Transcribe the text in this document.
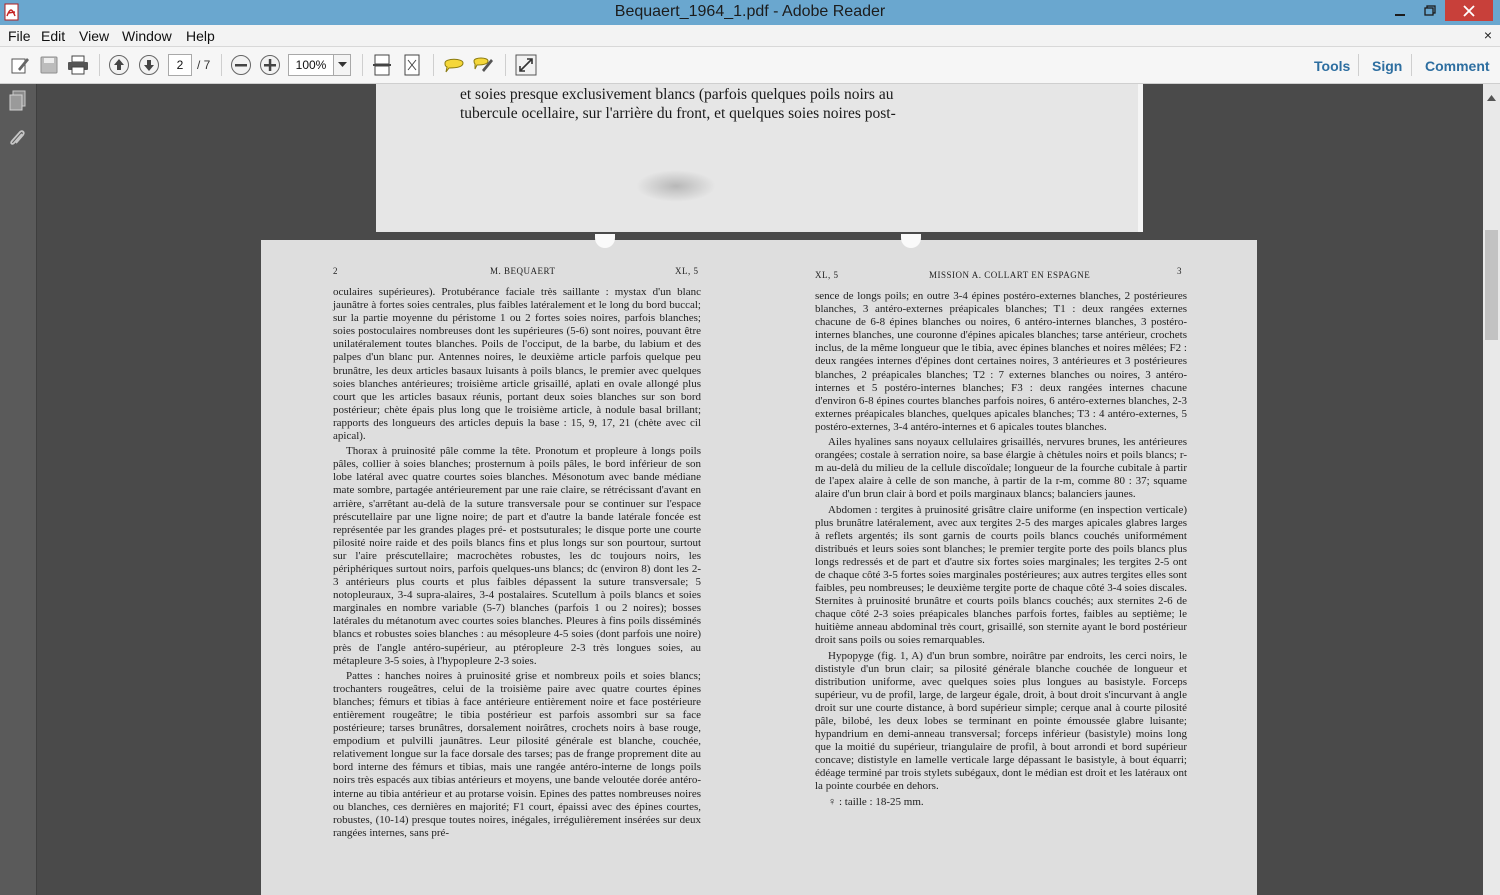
Bequaert_1964_1.pdf - Adobe Reader
File Edit View Window Help	×
2	/ 7	100%	Tools Sign Comment
et soies presque exclusivement blancs (parfois quelques poils noirs au
tubercule ocellaire, sur l'arrière du front, et quelques soies noires post-
2	M. BEQUAERT	XL, 5	XL, 5	MISSION A. COLLART EN ESPAGNE	3

oculaires supérieures). Protubérance faciale très saillante : mystax d'un blanc jaunâtre à fortes soies centrales, plus faibles latéralement et le long du bord buccal; sur la partie moyenne du péristome 1 ou 2 fortes soies noires, parfois blanches; soies postoculaires nombreuses dont les supérieures (5-6) sont noires, pouvant être unilatéralement toutes blanches. Poils de l'occiput, de la barbe, du labium et des palpes d'un blanc pur. Antennes noires, le deuxième article parfois quelque peu brunâtre, les deux articles basaux luisants à poils blancs, le premier avec quelques soies blanches antérieures; troisième article grisaillé, aplati en ovale allongé plus court que les articles basaux réunis, portant deux soies blanches sur son bord postérieur; chète épais plus long que le troisième article, à nodule basal brillant; rapports des longueurs des articles depuis la base : 15, 9, 17, 21 (chète avec cil apical).

Thorax à pruinosité pâle comme la tête. Pronotum et propleure à longs poils pâles, collier à soies blanches; prosternum à poils pâles, le bord inférieur de son lobe latéral avec quatre courtes soies blanches. Mésonotum avec bande médiane mate sombre, partagée antérieurement par une raie claire, se rétrécissant d'avant en arrière, s'arrêtant au-delà de la suture transversale pour se continuer sur l'espace préscutellaire par une ligne noire; de part et d'autre la bande latérale foncée est représentée par les grandes plages pré- et postsuturales; le disque porte une courte pilosité noire raide et des poils blancs fins et plus longs sur son pourtour, surtout sur l'aire préscutellaire; macrochètes robustes, les dc toujours noirs, les périphériques surtout noirs, parfois quelques-uns blancs; dc (environ 8) dont les 2-3 antérieurs plus courts et plus faibles dépassent la suture transversale; 5 notopleuraux, 3-4 supra-alaires, 3-4 postalaires. Scutellum à poils blancs et soies marginales en nombre variable (5-7) blanches (parfois 1 ou 2 noires); bosses latérales du métanotum avec courtes soies blanches. Pleures à fins poils disséminés blancs et robustes soies blanches : au mésopleure 4-5 soies (dont parfois une noire) près de l'angle antéro-supérieur, au ptéropleure 2-3 très longues soies, au métapleure 3-5 soies, à l'hypopleure 2-3 soies.

Pattes : hanches noires à pruinosité grise et nombreux poils et soies blancs; trochanters rougeâtres, celui de la troisième paire avec quatre courtes épines blanches; fémurs et tibias à face antérieure entièrement noire et face postérieure entièrement rougeâtre; le tibia postérieur est parfois assombri sur sa face postérieure; tarses brunâtres, dorsalement noirâtres, crochets noirs à base rouge, empodium et pulvilli jaunâtres. Leur pilosité générale est blanche, couchée, relativement longue sur la face dorsale des tarses; pas de frange proprement dite au bord interne des fémurs et tibias, mais une rangée antéro-interne de longs poils noirs très espacés aux tibias antérieurs et moyens, une bande veloutée dorée antéro-interne au tibia antérieur et au protarse voisin. Epines des pattes nombreuses noires ou blanches, ces dernières en majorité; F1 court, épaissi avec des épines courtes, robustes, (10-14) presque toutes noires, inégales, irrégulièrement insérées sur deux rangées internes, sans pré-

sence de longs poils; en outre 3-4 épines postéro-externes blanches, 2 postérieures blanches, 3 antéro-externes préapicales blanches; T1 : deux rangées externes chacune de 6-8 épines blanches ou noires, 6 antéro-internes blanches, 3 postéro-internes blanches, une couronne d'épines apicales blanches; tarse antérieur, crochets inclus, de la même longueur que le tibia, avec épines blanches et noires mêlées; F2 : deux rangées internes d'épines dont certaines noires, 3 antérieures et 3 postérieures blanches, 2 préapicales blanches; T2 : 7 externes blanches ou noires, 3 antéro-internes et 5 postéro-internes blanches; F3 : deux rangées internes chacune d'environ 6-8 épines courtes blanches parfois noires, 6 antéro-externes blanches, 2-3 externes préapicales blanches, quelques apicales blanches; T3 : 4 antéro-externes, 5 postéro-externes, 3-4 antéro-internes et 6 apicales toutes blanches.

Ailes hyalines sans noyaux cellulaires grisaillés, nervures brunes, les antérieures orangées; costale à serration noire, sa base élargie à chètules noirs et poils blancs; r-m au-delà du milieu de la cellule discoïdale; longueur de la fourche cubitale à partir de l'apex alaire à celle de son manche, à partir de la r-m, comme 80 : 37; squame alaire d'un brun clair à bord et poils marginaux blancs; balanciers jaunes.

Abdomen : tergites à pruinosité grisâtre claire uniforme (en inspection verticale) plus brunâtre latéralement, avec aux tergites 2-5 des marges apicales glabres larges à reflets argentés; ils sont garnis de courts poils blancs couchés uniformément distribués et leurs soies sont blanches; le premier tergite porte des poils blancs plus longs redressés et de part et d'autre six fortes soies marginales; les tergites 2-5 ont de chaque côté 3-5 fortes soies marginales postérieures; aux autres tergites elles sont faibles, peu nombreuses; le deuxième tergite porte de chaque côté 3-4 soies discales. Sternites à pruinosité brunâtre et courts poils blancs couchés; aux sternites 2-6 de chaque côté 2-3 soies préapicales blanches parfois fortes, faibles au septième; le huitième anneau abdominal très court, grisaillé, son sternite ayant le bord postérieur droit sans poils ou soies remarquables.

Hypopyge (fig. 1, A) d'un brun sombre, noirâtre par endroits, les cerci noirs, le dististyle d'un brun clair; sa pilosité générale blanche couchée de longueur et distribution uniforme, avec quelques soies plus longues au basistyle. Forceps supérieur, vu de profil, large, de largeur égale, droit, à bout droit s'incurvant à angle droit sur une courte distance, à bord supérieur simple; cerque anal à courte pilosité pâle, bilobé, les deux lobes se terminant en pointe émoussée glabre luisante; hypandrium en demi-anneau transversal; forceps inférieur (basistyle) moins long que la moitié du supérieur, triangulaire de profil, à bout arrondi et bord supérieur concave; dististyle en lamelle verticale large dépassant le basistyle, à bout équarri; édéage terminé par trois stylets subégaux, dont le médian est droit et les latéraux ont la pointe courbée en dehors.

♀ : taille : 18-25 mm.
